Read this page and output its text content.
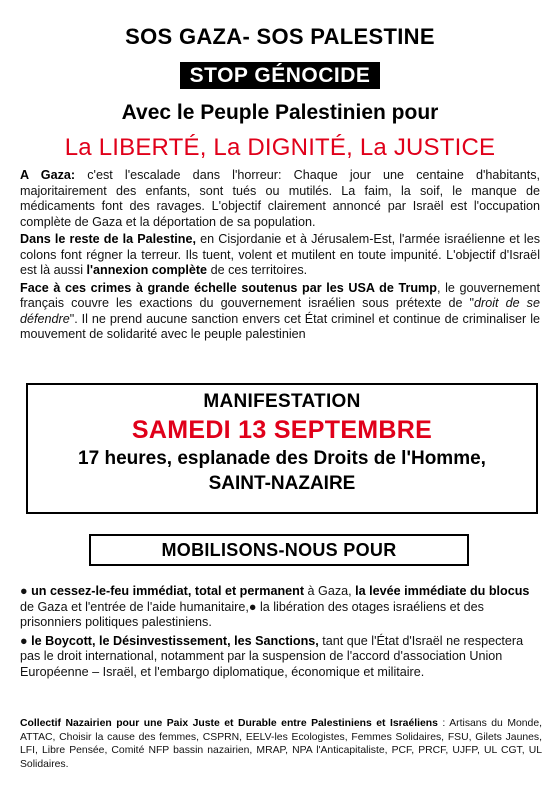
SOS GAZA- SOS PALESTINE
STOP GÉNOCIDE
Avec le Peuple Palestinien pour
La LIBERTÉ, La DIGNITÉ, La JUSTICE

A Gaza: c'est l'escalade dans l'horreur: Chaque jour une centaine d'habitants, majoritairement des enfants, sont tués ou mutilés. La faim, la soif, le manque de médicaments font des ravages. L'objectif clairement annoncé par Israël est l'occupation complète de Gaza et la déportation de sa population.

Dans le reste de la Palestine, en Cisjordanie et à Jérusalem-Est, l'armée israélienne et les colons font régner la terreur. Ils tuent, volent et mutilent en toute impunité. L'objectif d'Israël est là aussi l'annexion complète de ces territoires.

Face à ces crimes à grande échelle soutenus par les USA de Trump, le gouvernement français couvre les exactions du gouvernement israélien sous prétexte de "droit de se défendre". Il ne prend aucune sanction envers cet État criminel et continue de criminaliser le mouvement de solidarité avec le peuple palestinien

MANIFESTATION
SAMEDI 13 SEPTEMBRE
17 heures, esplanade des Droits de l'Homme,
SAINT-NAZAIRE
MOBILISONS-NOUS POUR

● un cessez-le-feu immédiat, total et permanent à Gaza, la levée immédiate du blocus de Gaza et l'entrée de l'aide humanitaire,● la libération des otages israéliens et des prisonniers politiques palestiniens.

● le Boycott, le Désinvestissement, les Sanctions, tant que l'État d'Israël ne respectera pas le droit international, notamment par la suspension de l'accord d'association Union Européenne – Israël, et l'embargo diplomatique, économique et militaire.

Collectif Nazairien pour une Paix Juste et Durable entre Palestiniens et Israéliens : Artisans du Monde, ATTAC, Choisir la cause des femmes, CSPRN, EELV-les Ecologistes, Femmes Solidaires, FSU, Gilets Jaunes, LFI, Libre Pensée, Comité NFP bassin nazairien, MRAP, NPA l'Anticapitaliste, PCF, PRCF, UJFP, UL CGT, UL Solidaires.
